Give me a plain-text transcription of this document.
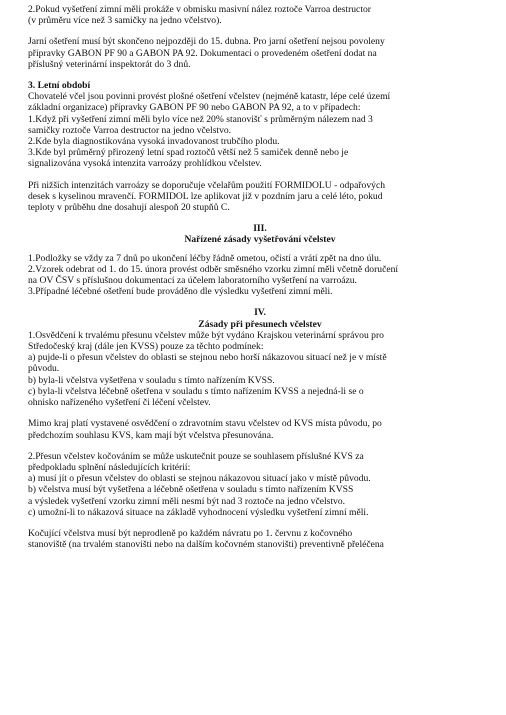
2.Pokud vyšetření zimní měli prokáže v obmisku masivní nález roztoče Varroa destructor
(v průměru více než 3 samičky na jedno včelstvo).
Jarní ošetření musí být skončeno nejpozději do 15. dubna. Pro jarní ošetření nejsou povoleny
přípravky GABON PF 90 a GABON PA 92. Dokumentaci o provedeném ošetření dodat na
příslušný veterinární inspektorát do 3 dnů.
3. Letní období
Chovatelé včel jsou povinni provést plošné ošetření včelstev (nejméně katastr, lépe celé území
základní organizace) přípravky GABON PF 90 nebo GABON PA 92, a to v případech:
1.Když při vyšetření zimní měli bylo více než 20% stanovišť s průměrným nálezem nad 3
samičky roztoče Varroa destructor na jedno včelstvo.
2.Kde byla diagnostikována vysoká invadovanost trubčího plodu.
3.Kde byl průměrný přirozený letní spad roztočů větší než 5 samiček denně nebo je
signalizována vysoká intenzita varroázy prohlídkou včelstev.
Při nižších intenzitách varroázy se doporučuje včelařům použití FORMIDOLU - odpařových
desek s kyselinou mravenčí. FORMIDOL lze aplikovat již v pozdním jaru a celé léto, pokud
teploty v průběhu dne dosahují alespoň 20 stupňů C.
III.
Nařízené zásady vyšetřování včelstev
1.Podložky se vždy za 7 dnů po ukončení léčby řádně ometou, očistí a vrátí zpět na dno úlu.
2.Vzorek odebrat od 1. do 15. února provést odběr směsného vzorku zimní měli včetně doručení
na OV ČSV s příslušnou dokumentací za účelem laboratorního vyšetření na varroázu.
3.Případné léčebné ošetření bude prováděno dle výsledku vyšetření zimní měli.
IV.
Zásady při přesunech včelstev
1.Osvědčení k trvalému přesunu včelstev může být vydáno Krajskou veterinární správou pro
Středočeský kraj (dále jen KVSS) pouze za těchto podmínek:
a) pujde-li o přesun včelstev do oblasti se stejnou nebo horší nákazovou situací než je v místě
původu.
b) byla-li včelstva vyšetřena v souladu s tímto nařízením KVSS.
c) byla-li včelstva léčebně ošetřena v souladu s tímto nařízením KVSS a nejedná-li se o
ohnisko nařízeného vyšetření či léčení včelstev.
Mimo kraj platí vystavené osvědčení o zdravotním stavu včelstev od KVS místa původu, po
předchozím souhlasu KVS, kam mají být včelstva přesunována.
2.Přesun včelstev kočováním se může uskutečnit pouze se souhlasem příslušné KVS za
předpokladu splnění následujících kritérií:
a) musí jít o přesun včelstev do oblasti se stejnou nákazovou situací jako v místě původu.
b) včelstva musí být vyšetřena a léčebně ošetřena v souladu s tímto nařízením KVSS
a výsledek vyšetření vzorku zimní měli nesmí být nad 3 roztoče na jedno včelstvo.
c) umožní-li to nákazová situace na základě vyhodnocení výsledku vyšetření zimní měli.
Kočující včelstva musí být neprodleně po každém návratu po 1. červnu z kočovného
stanoviště (na trvalém stanovišti nebo na dalším kočovném stanovišti) preventivně přeléčena
